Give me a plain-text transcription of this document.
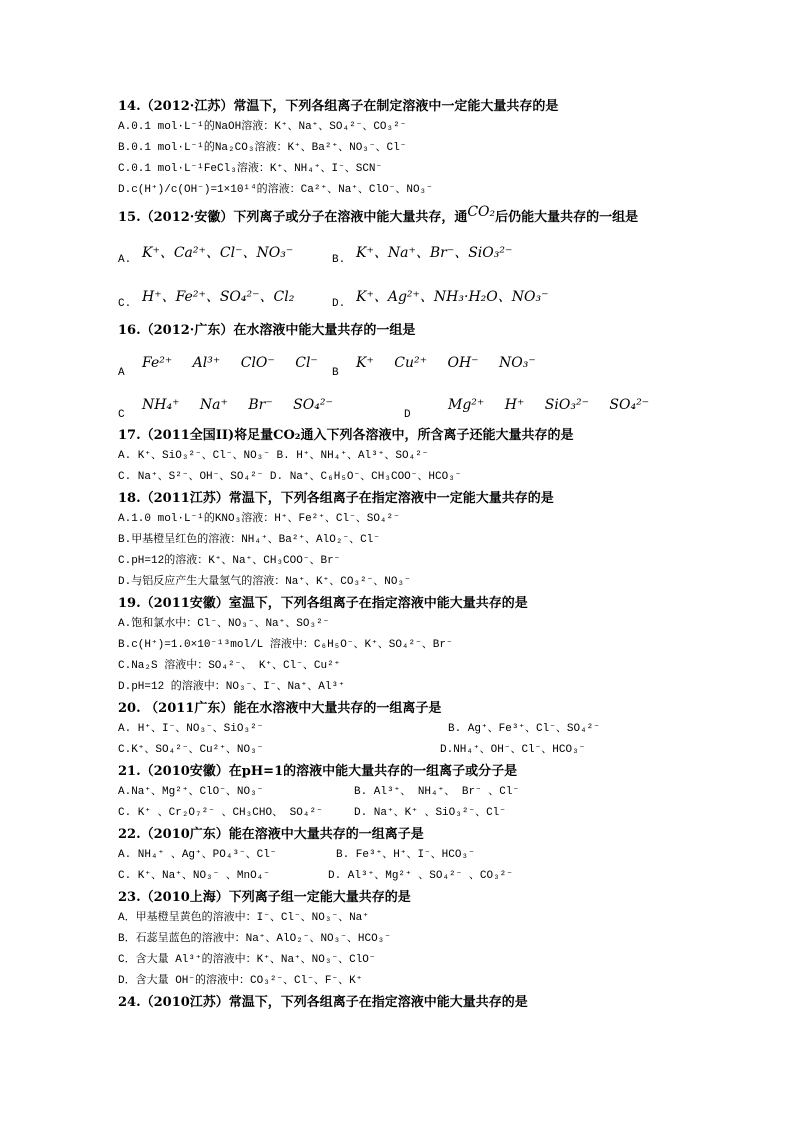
14.（2012·江苏）常温下，下列各组离子在制定溶液中一定能大量共存的是
A.0.1 mol·L⁻¹的NaOH溶液：K⁺、Na⁺、SO₄²⁻、CO₃²⁻
B.0.1 mol·L⁻¹的Na₂CO₃溶液：K⁺、Ba²⁺、NO₃⁻、Cl⁻
C.0.1 mol·L⁻¹FeCl₃溶液：K⁺、NH₄⁺、I⁻、SCN⁻
D.c(H⁺)/c(OH⁻)=1×10¹⁴的溶液：Ca²⁺、Na⁺、ClO⁻、NO₃⁻
15.（2012·安徽）下列离子或分子在溶液中能大量共存，通CO₂后仍能大量共存的一组是
A. K⁺、Ca²⁺、Cl⁻、NO₃⁻	B. K⁺、Na⁺、Br⁻、SiO₃²⁻
C. H⁺、Fe²⁺、SO₄²⁻、Cl₂	D. K⁺、Ag²⁺、NH₃·H₂O、NO₃⁻
16.（2012·广东）在水溶液中能大量共存的一组是
A
Fe²⁺ Al³⁺ ClO⁻ Cl⁻
B
K⁺ Cu²⁺ OH⁻ NO₃⁻
C
NH₄⁺ Na⁺ Br⁻ SO₄²⁻
D
Mg²⁺ H⁺ SiO₃²⁻ SO₄²⁻
17.（2011全国II)将足量CO₂通入下列各溶液中，所含离子还能大量共存的是
A. K⁺、SiO₃²⁻、Cl⁻、NO₃⁻ B. H⁺、NH₄⁺、Al³⁺、SO₄²⁻
C. Na⁺、S²⁻、OH⁻、SO₄²⁻ D. Na⁺、C₆H₅O⁻、CH₃COO⁻、HCO₃⁻
18.（2011江苏）常温下，下列各组离子在指定溶液中一定能大量共存的是
A.1.0 mol·L⁻¹的KNO₃溶液：H⁺、Fe²⁺、Cl⁻、SO₄²⁻
B.甲基橙呈红色的溶液：NH₄⁺、Ba²⁺、AlO₂⁻、Cl⁻
C.pH=12的溶液：K⁺、Na⁺、CH₃COO⁻、Br⁻
D.与铝反应产生大量氢气的溶液：Na⁺、K⁺、CO₃²⁻、NO₃⁻
19.（2011安徽）室温下，下列各组离子在指定溶液中能大量共存的是
A.饱和氯水中：Cl⁻、NO₃⁻、Na⁺、SO₃²⁻
B.c(H⁺)=1.0×10⁻¹³mol/L 溶液中：C₆H₅O⁻、K⁺、SO₄²⁻、Br⁻
C.Na₂S 溶液中：SO₄²⁻、 K⁺、Cl⁻、Cu²⁺
D.pH=12 的溶液中：NO₃⁻、I⁻、Na⁺、Al³⁺
20. （2011广东）能在水溶液中大量共存的一组离子是
A. H⁺、I⁻、NO₃⁻、SiO₃²⁻	B. Ag⁺、Fe³⁺、Cl⁻、SO₄²⁻
C.K⁺、SO₄²⁻、Cu²⁺、NO₃⁻	D.NH₄⁺、OH⁻、Cl⁻、HCO₃⁻
21.（2010安徽）在pH=1的溶液中能大量共存的一组离子或分子是
A.Na⁺、Mg²⁺、ClO⁻、NO₃⁻	B. Al³⁺、 NH₄⁺、 Br⁻ 、Cl⁻
C. K⁺ 、Cr₂O₇²⁻ 、CH₃CHO、 SO₄²⁻	D. Na⁺、K⁺ 、SiO₃²⁻、Cl⁻
22.（2010广东）能在溶液中大量共存的一组离子是
A. NH₄⁺ 、Ag⁺、PO₄³⁻、Cl⁻	B. Fe³⁺、H⁺、I⁻、HCO₃⁻
C. K⁺、Na⁺、NO₃⁻ 、MnO₄⁻	D. Al³⁺、Mg²⁺ 、SO₄²⁻ 、CO₃²⁻
23.（2010上海）下列离子组一定能大量共存的是
A．甲基橙呈黄色的溶液中：I⁻、Cl⁻、NO₃⁻、Na⁺
B．石蕊呈蓝色的溶液中：Na⁺、AlO₂⁻、NO₃⁻、HCO₃⁻
C．含大量 Al³⁺的溶液中：K⁺、Na⁺、NO₃⁻、ClO⁻
D．含大量 OH⁻的溶液中：CO₃²⁻、Cl⁻、F⁻、K⁺
24.（2010江苏）常温下，下列各组离子在指定溶液中能大量共存的是
